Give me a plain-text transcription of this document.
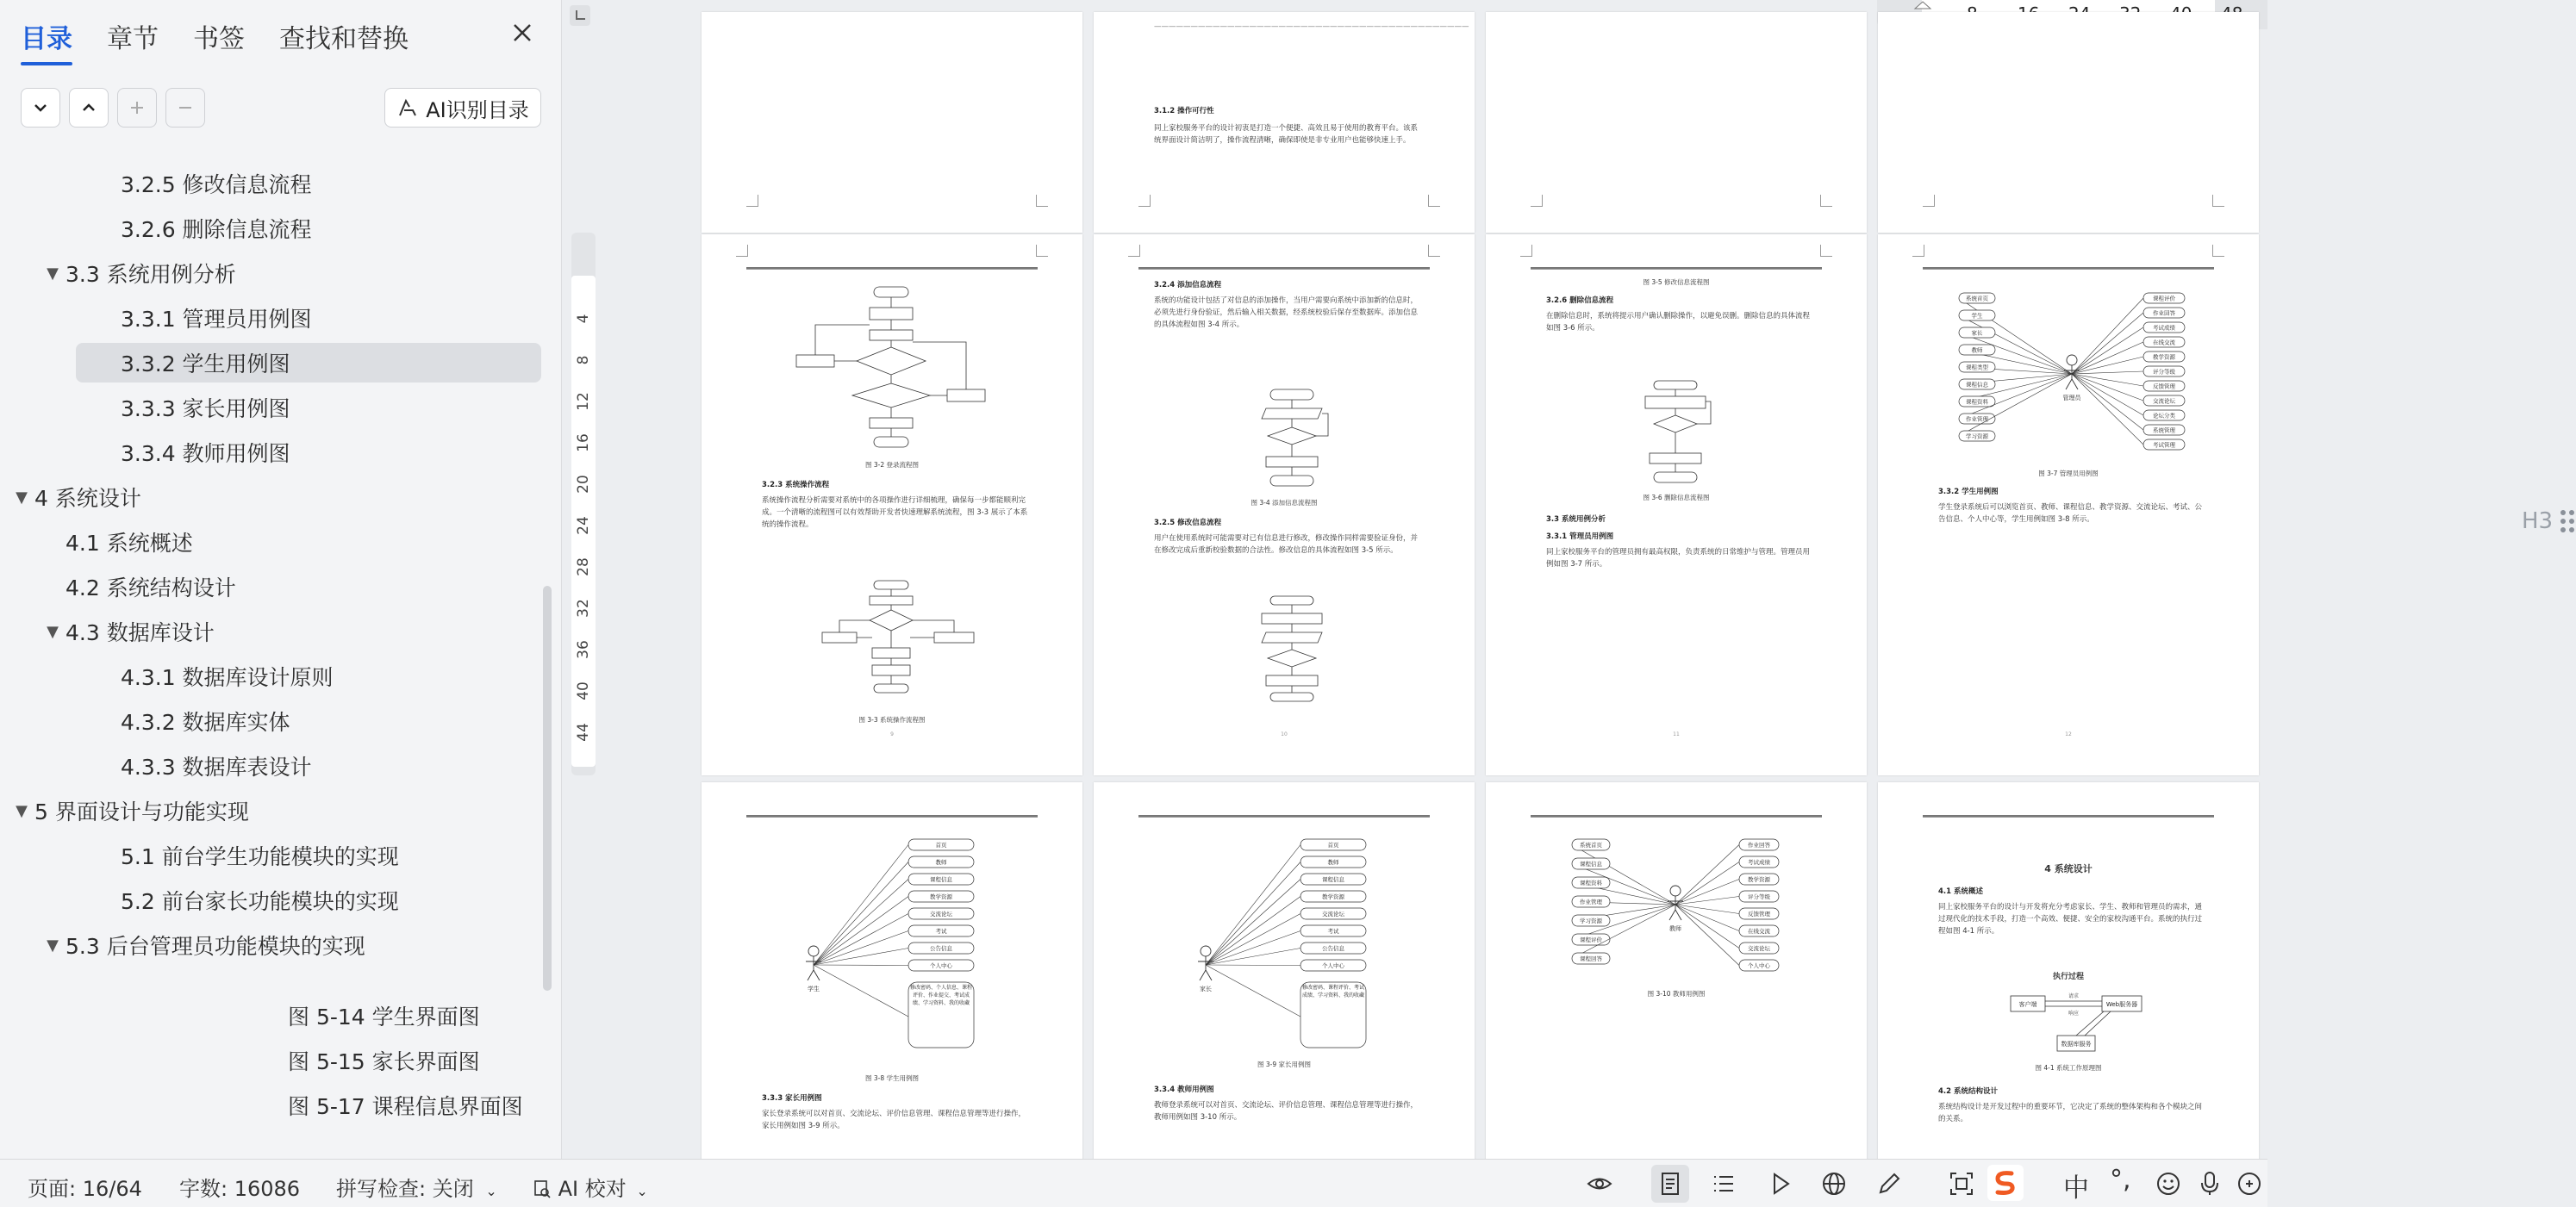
目录 章节 书签 查找和替换
AI识别目录
3.2.5 修改信息流程
3.2.6 删除信息流程
▼ 3.3 系统用例分析
3.3.1 管理员用例图
3.3.2 学生用例图
3.3.3 家长用例图
3.3.4 教师用例图
▼ 4 系统设计
4.1 系统概述
4.2 系统结构设计
▼ 4.3 数据库设计
4.3.1 数据库设计原则
4.3.2 数据库实体
4.3.3 数据库表设计
▼ 5 界面设计与功能实现
5.1 前台学生功能模块的实现
5.2 前台家长功能模块的实现
▼ 5.3 后台管理员功能模块的实现
图 5-14 学生界面图
图 5-15 家长界面图
图 5-17 课程信息界面图
4
8
12
16
20
24
28
32
36
40
44
———————————————————————————————————————————
3.1.2 操作可行性
同上家校服务平台的设计初衷是打造一个便捷、高效且易于使用的教育平台。该系统界面设计简洁明了，操作流程清晰，确保即使是非专业用户也能够快速上手。
图 3-2 登录流程图
3.2.3 系统操作流程
系统操作流程分析需要对系统中的各项操作进行详细梳理，确保每一步都能顺利完成。一个清晰的流程图可以有效帮助开发者快速理解系统流程，图 3-3 展示了本系统的操作流程。
图 3-3 系统操作流程图
9
3.2.4 添加信息流程
系统的功能设计包括了对信息的添加操作，当用户需要向系统中添加新的信息时，必须先进行身份验证，然后输入相关数据，经系统校验后保存至数据库。添加信息的具体流程如图 3-4 所示。
图 3-4 添加信息流程图
3.2.5 修改信息流程
用户在使用系统时可能需要对已有信息进行修改，修改操作同样需要验证身份，并在修改完成后重新校验数据的合法性。修改信息的具体流程如图 3-5 所示。
10
图 3-5 修改信息流程图
3.2.6 删除信息流程
在删除信息时，系统将提示用户确认删除操作，以避免误删。删除信息的具体流程如图 3-6 所示。
图 3-6 删除信息流程图
3.3 系统用例分析
3.3.1 管理员用例图
同上家校服务平台的管理员拥有最高权限，负责系统的日常维护与管理。管理员用例如图 3-7 所示。
11
系统首页
学生
家长
教师
课程类型
课程信息
课程资料
作业管理
学习资源
课程评价
作业回答
考试成绩
在线交流
教学资源
评分等级
反馈管理
交流论坛
论坛分类
系统管理
考试管理
管理员
图 3-7 管理员用例图
3.3.2 学生用例图
学生登录系统后可以浏览首页、教师、课程信息、教学资源、交流论坛、考试、公告信息、个人中心等，学生用例如图 3-8 所示。
12
首页
教师
课程信息
教学资源
交流论坛
考试
公告信息
个人中心
修改密码、个人信息、课程评价、作业提交、考试成绩、学习资料、我的收藏
学生
图 3-8 学生用例图
3.3.3 家长用例图
家长登录系统可以对首页、交流论坛、评价信息管理、课程信息管理等进行操作，家长用例如图 3-9 所示。
首页
教师
课程信息
教学资源
交流论坛
考试
公告信息
个人中心
修改密码、课程评价、考试成绩、学习资料、我的收藏
家长
图 3-9 家长用例图
3.3.4 教师用例图
教师登录系统可以对首页、交流论坛、评价信息管理、课程信息管理等进行操作，教师用例如图 3-10 所示。
系统首页
课程信息
课程资料
作业管理
学习资源
课程评价
课程回答
作业回答
考试成绩
教学资源
评分等级
反馈管理
在线交流
交流论坛
个人中心
教师
图 3-10 教师用例图
4 系统设计
4.1 系统概述
同上家校服务平台的设计与开发将充分考虑家长、学生、教师和管理员的需求，通过现代化的技术手段，打造一个高效、便捷、安全的家校沟通平台。系统的执行过程如图 4-1 所示。
执行过程
客户端	Web服务器
数据库服务
请求
响应
图 4-1 系统工作原理图
4.2 系统结构设计
系统结构设计是开发过程中的重要环节，它决定了系统的整体架构和各个模块之间的关系。
H3
页面: 16/64 字数: 16086 拼写检查: 关闭 ⌄	AI 校对 ⌄	中 °,
